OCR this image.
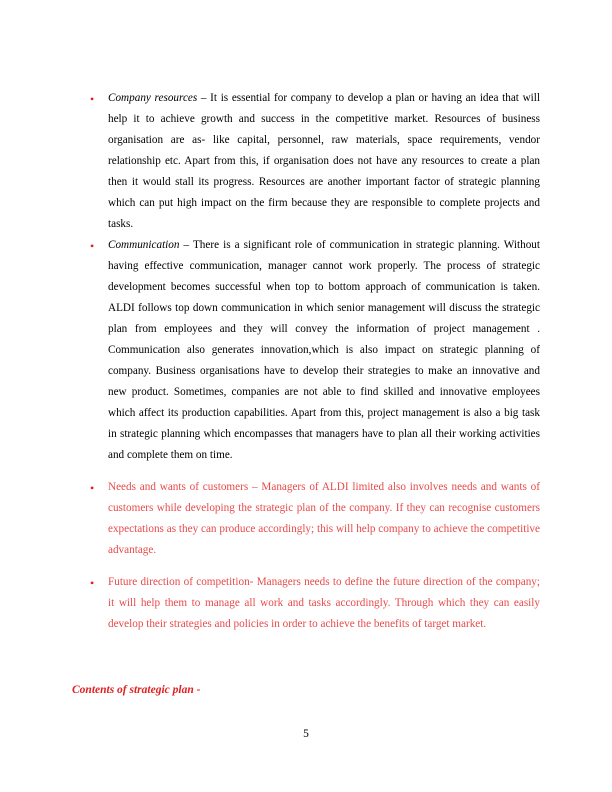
• Company resources – It is essential for company to develop a plan or having an idea that will help it to achieve growth and success in the competitive market. Resources of business organisation are as- like capital, personnel, raw materials, space requirements, vendor relationship etc. Apart from this, if organisation does not have any resources to create a plan then it would stall its progress. Resources are another important factor of strategic planning which can put high impact on the firm because they are responsible to complete projects and tasks.

• Communication – There is a significant role of communication in strategic planning. Without having effective communication, manager cannot work properly. The process of strategic development becomes successful when top to bottom approach of communication is taken. ALDI follows top down communication in which senior management will discuss the strategic plan from employees and they will convey the information of project management . Communication also generates innovation,which is also impact on strategic planning of company. Business organisations have to develop their strategies to make an innovative and new product. Sometimes, companies are not able to find skilled and innovative employees which affect its production capabilities. Apart from this, project management is also a big task in strategic planning which encompasses that managers have to plan all their working activities and complete them on time.

• Needs and wants of customers – Managers of ALDI limited also involves needs and wants of customers while developing the strategic plan of the company. If they can recognise customers expectations as they can produce accordingly; this will help company to achieve the competitive advantage.

• Future direction of competition- Managers needs to define the future direction of the company; it will help them to manage all work and tasks accordingly. Through which they can easily develop their strategies and policies in order to achieve the benefits of target market.

Contents of strategic plan -

5
